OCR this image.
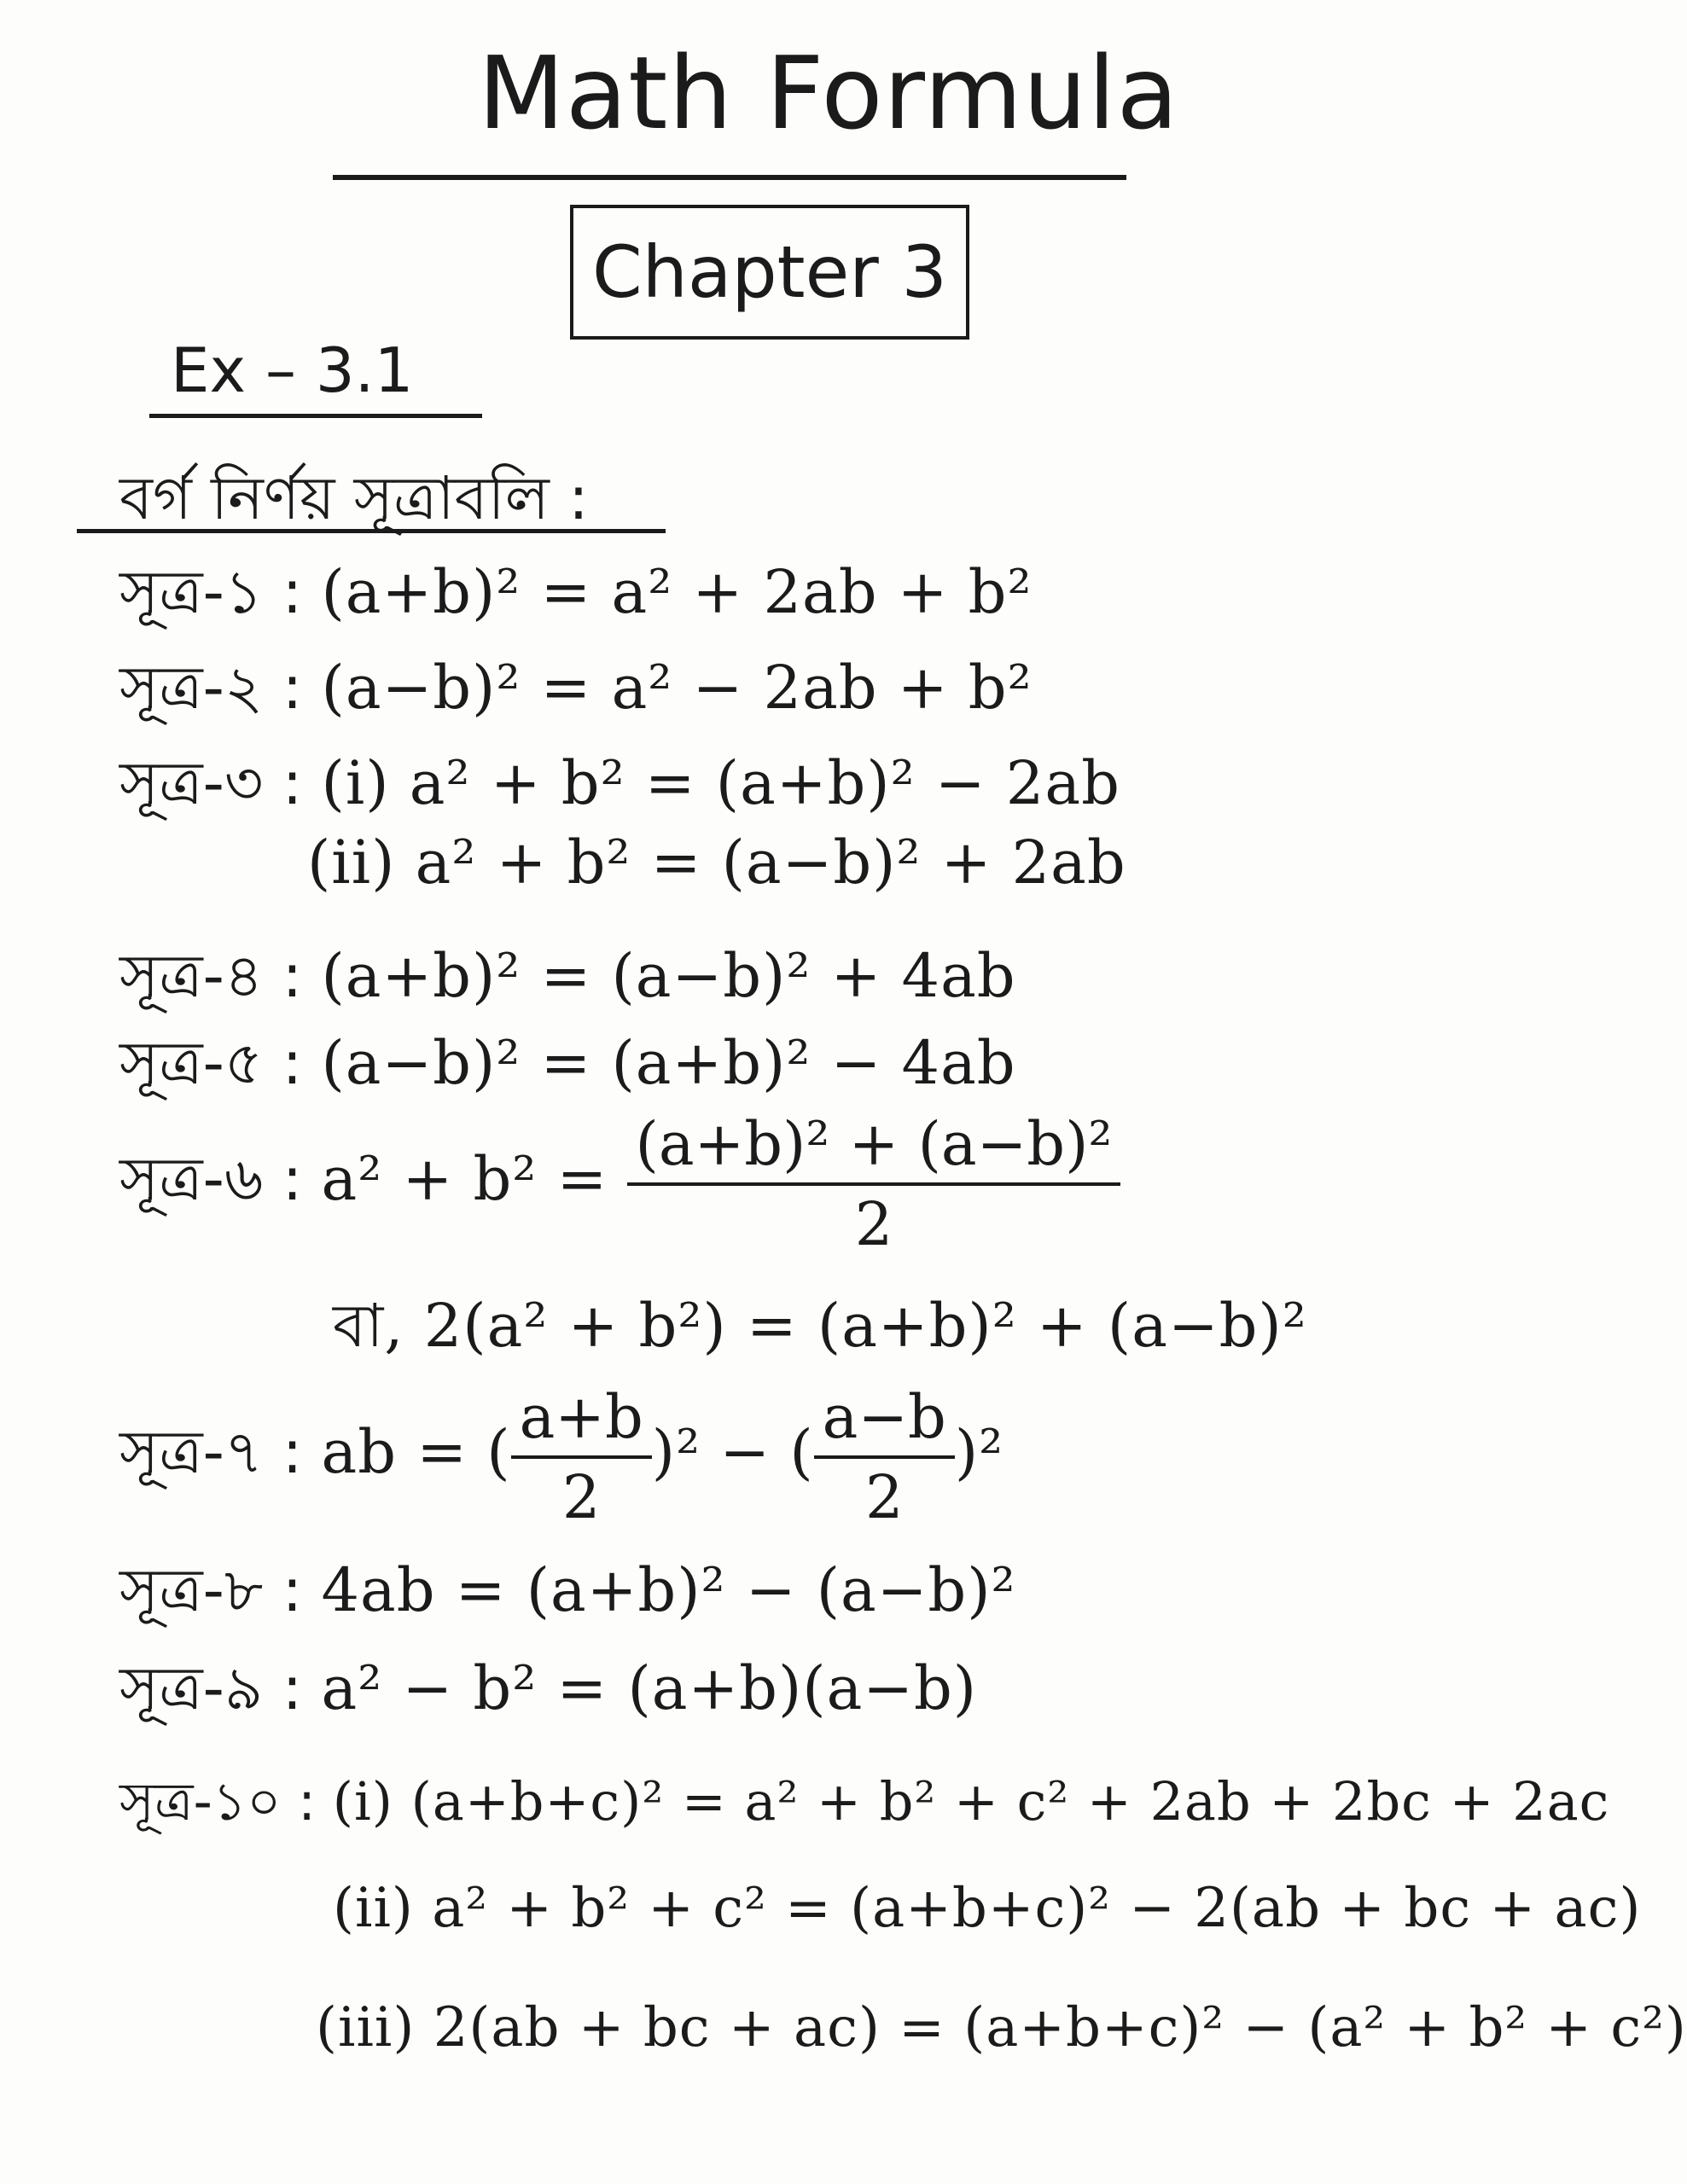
Math Formula
Chapter 3
Ex – 3.1
বর্গ নির্ণয় সূত্রাবলি :
সূত্র-১ : (a+b)² = a² + 2ab + b²
সূত্র-২ : (a−b)² = a² − 2ab + b²
সূত্র-৩ : (i) a² + b² = (a+b)² − 2ab
(ii) a² + b² = (a−b)² + 2ab
সূত্র-৪ : (a+b)² = (a−b)² + 4ab
সূত্র-৫ : (a−b)² = (a+b)² − 4ab
সূত্র-৬ : $a^2 + b^2 = \frac{\text{(a+b)² + (a−b)²}}{2}$
বা, 2(a² + b²) = (a+b)² + (a−b)²
সূত্র-৭ : ab = ( $\frac{a+b}{2} )^2$ − ( $\frac{a-b}{2} )^2$
সূত্র-৮ : 4ab = (a+b)² − (a−b)²
সূত্র-৯ : a² − b² = (a+b)(a−b)
সূত্র-১০ : (i) (a+b+c)² = a² + b² + c² + 2ab + 2bc + 2ac
(ii) a² + b² + c² = (a+b+c)² − 2(ab + bc + ac)
(iii) 2(ab + bc + ac) = (a+b+c)² − (a² + b² + c²)
